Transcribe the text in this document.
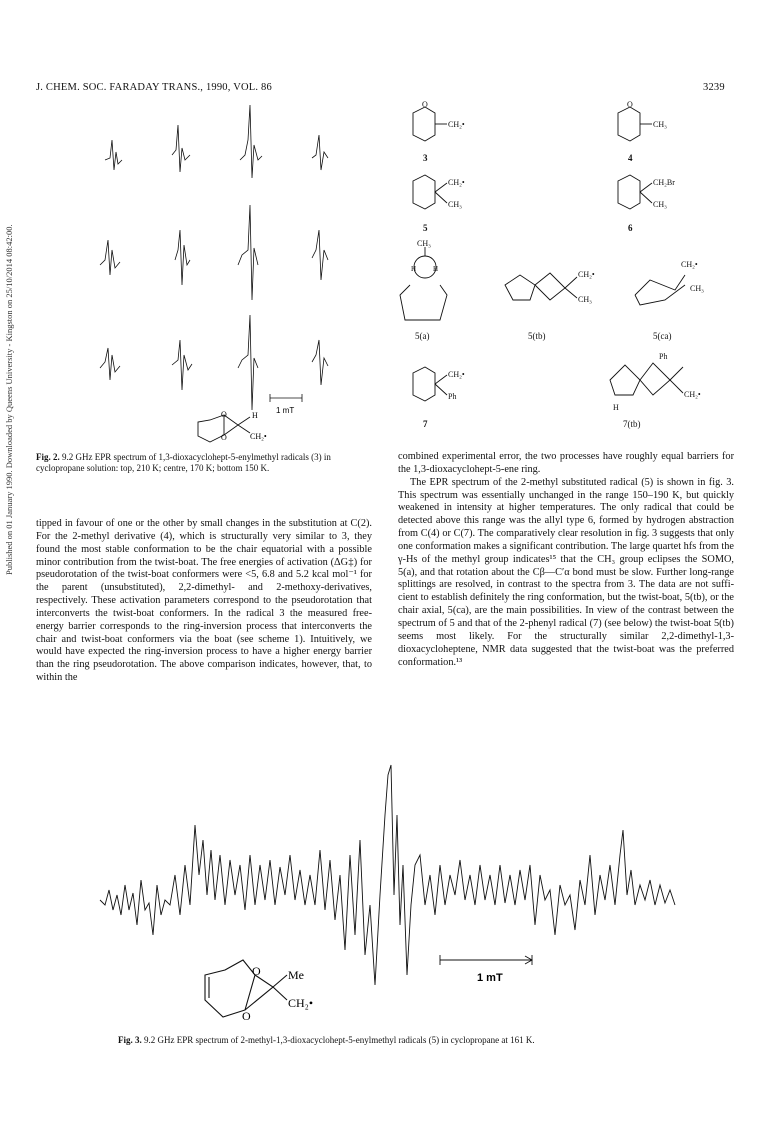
J. CHEM. SOC. FARADAY TRANS., 1990, VOL. 86	3239
Published on 01 January 1990. Downloaded by Queens University - Kingston on 25/10/2014 08:42:00.	1 mT
O
O
H
CH₂•
Fig. 2. 9.2 GHz EPR spectrum of 1,3-dioxacyclohept-5-enylmethyl radicals (3) in cyclopropane solution: top, 210 K; centre, 170 K; bottom 150 K.
O
CH₂•
3
O
CH₃
4
CH₂•
CH₃
5
CH₂Br
CH₃
6
CH₃
H H
5(a)
CH₂•
CH₃
5(tb)
CH₂•
CH₃
5(ca)
CH₂•
Ph
7
Ph
CH₂•
H
7(tb)

tipped in favour of one or the other by small changes in the substitution at C(2). For the 2-methyl derivative (4), which is structurally very similar to 3, they found the most stable conformation to be the chair equatorial with a possible minor contribution from the twist-boat. The free energies of activation (ΔG‡) for pseudorotation of the twist-boat conformers were <5, 6.8 and 5.2 kcal mol⁻¹ for the parent (unsubstituted), 2,2-dimethyl- and 2-methoxy-derivatives, respectively. These activation parameters correspond to the pseudorotation that interconverts the twist-boat conformers. In the radical 3 the measured free-energy barrier corresponds to the ring-inversion process that interconverts the chair and twist-boat conformers via the boat (see scheme 1). Intuitively, we would have expected the ring-inversion process to have a higher energy barrier than the ring pseudorotation. The above comparison indicates, however, that, to within the

combined experimental error, the two processes have roughly equal barriers for the 1,3-dioxacyclohept-5-ene ring.

The EPR spectrum of the 2-methyl substituted radical (5) is shown in fig. 3. This spectrum was essentially unchanged in the range 150–190 K, but quickly weakened in intensity at higher temperatures. The only radical that could be detected above this range was the allyl type 6, formed by hydrogen abstraction from C(4) or C(7). The comparatively clear resolution in fig. 3 suggests that only one conformation makes a significant contribution. The large quartet hfs from the γ-Hs of the methyl group indicates¹⁵ that the CH₃ group eclipses the SOMO, 5(a), and that rotation about the Cβ—C′α bond must be slow. Further long-range splittings are resolved, in contrast to the spectra from 3. The data are not sufficient to establish definitely the ring conformation, but the twist-boat, 5(tb), or the chair axial, 5(ca), are the main possibilities. In view of the contrast between the spectrum of 5 and that of the 2-phenyl radical (7) (see below) the twist-boat 5(tb) seems most likely. For the structurally similar 2,2-dimethyl-1,3-dioxacycloheptene, NMR data suggested that the twist-boat was the preferred conformation.¹³

1 mT
O
O
Me
CH₂•
Fig. 3. 9.2 GHz EPR spectrum of 2-methyl-1,3-dioxacyclohept-5-enylmethyl radicals (5) in cyclopropane at 161 K.
